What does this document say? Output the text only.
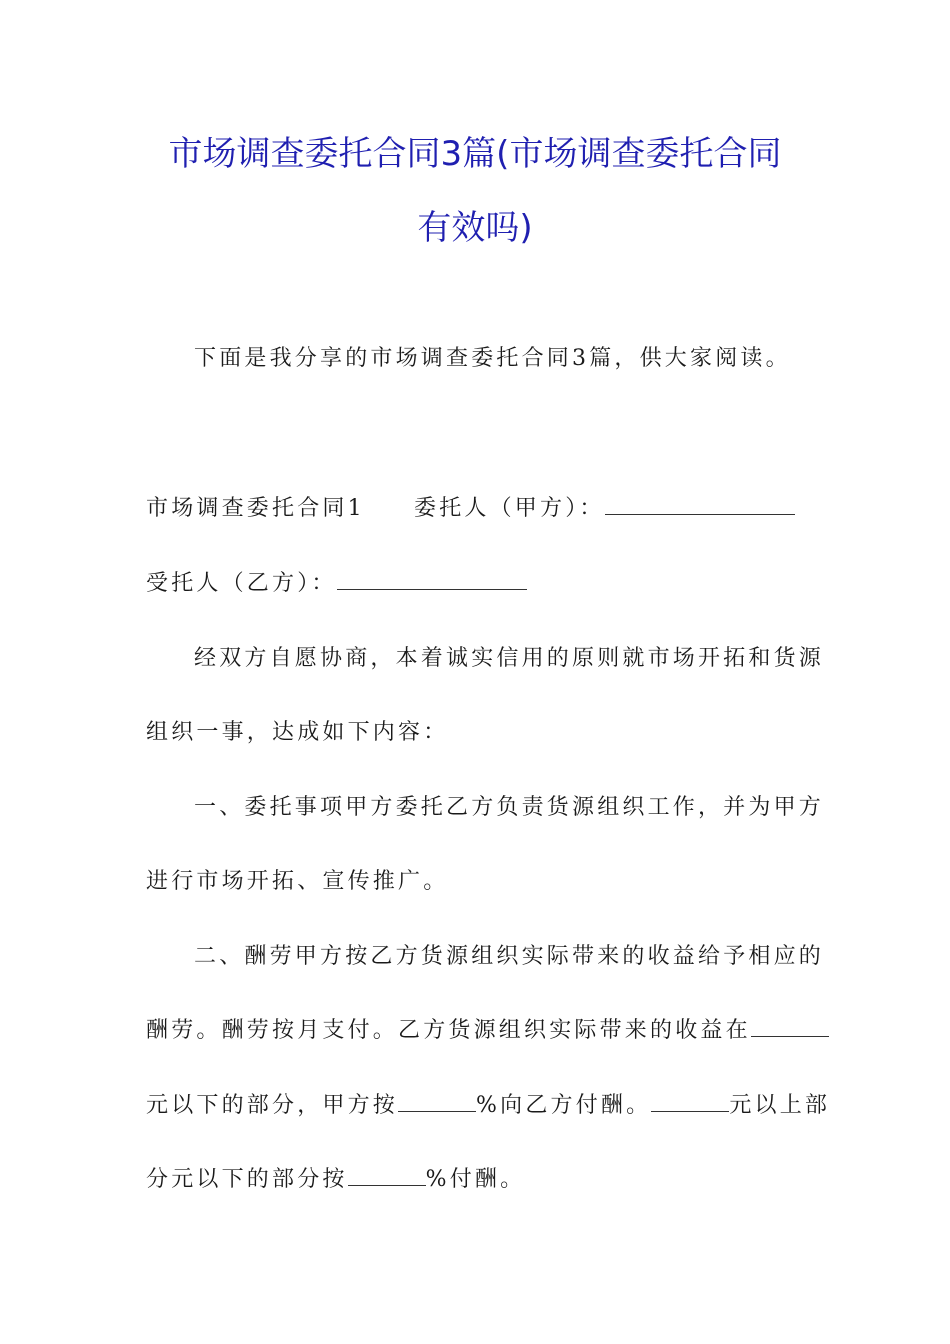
市场调查委托合同3篇(市场调查委托合同
有效吗)
下面是我分享的市场调查委托合同3篇，供大家阅读。
市场调查委托合同1 委托人（甲方）：
受托人（乙方）：
经双方自愿协商，本着诚实信用的原则就市场开拓和货源
组织一事，达成如下内容：
一、委托事项甲方委托乙方负责货源组织工作，并为甲方
进行市场开拓、宣传推广。
二、酬劳甲方按乙方货源组织实际带来的收益给予相应的
酬劳。酬劳按月支付。乙方货源组织实际带来的收益在
元以下的部分，甲方按	%向乙方付酬。	元以上部
分元以下的部分按	%付酬。
